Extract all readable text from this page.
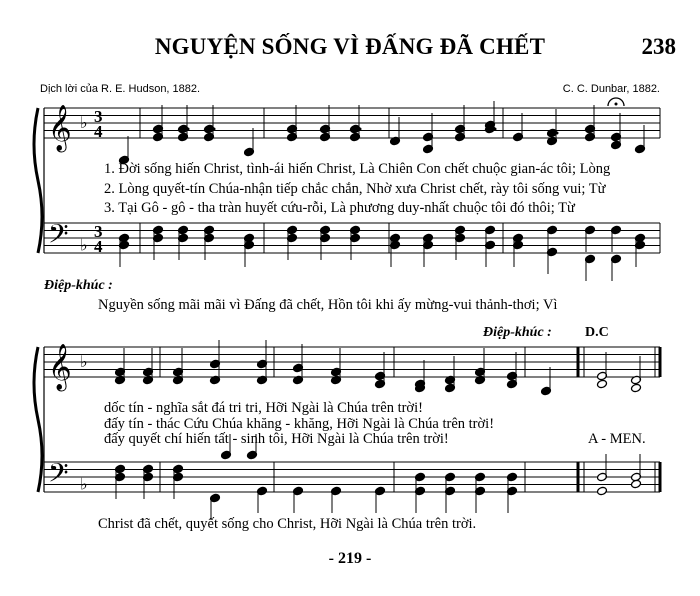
NGUYỆN SỐNG VÌ ĐẤNG ĐÃ CHẾT	238
Dịch lời của R. E. Hudson, 1882.	C. C. Dunbar, 1882.
𝄞
𝄢
𝄞
𝄢
♭
♭
♭
♭
3
4
3
4
1. Đời sống hiến Christ, tình-ái hiến Christ, Là Chiên Con chết chuộc gian-ác tôi; Lòng
2. Lòng quyết-tín Chúa-nhận tiếp chắc chắn, Nhờ xưa Christ chết, rày tôi sống vui; Từ
3. Tại Gô - gô - tha tràn huyết cứu-rỗi, Là phương duy-nhất chuộc tôi đó thôi; Từ
Điệp-khúc :
Nguyền sống mãi mãi vì Đấng đã chết, Hồn tôi khi ấy mừng-vui thảnh-thơi; Vì
Điệp-khúc : D.C
dốc tín - nghĩa sắt đá tri tri, Hỡi Ngài là Chúa trên trời!
đấy tín - thác Cứu Chúa khăng - khăng, Hỡi Ngài là Chúa trên trời!
đấy quyết chí hiến tất - sinh tôi, Hỡi Ngài là Chúa trên trời!	A - MEN.
Christ đã chết, quyết sống cho Christ, Hỡi Ngài là Chúa trên trời.
- 219 -
